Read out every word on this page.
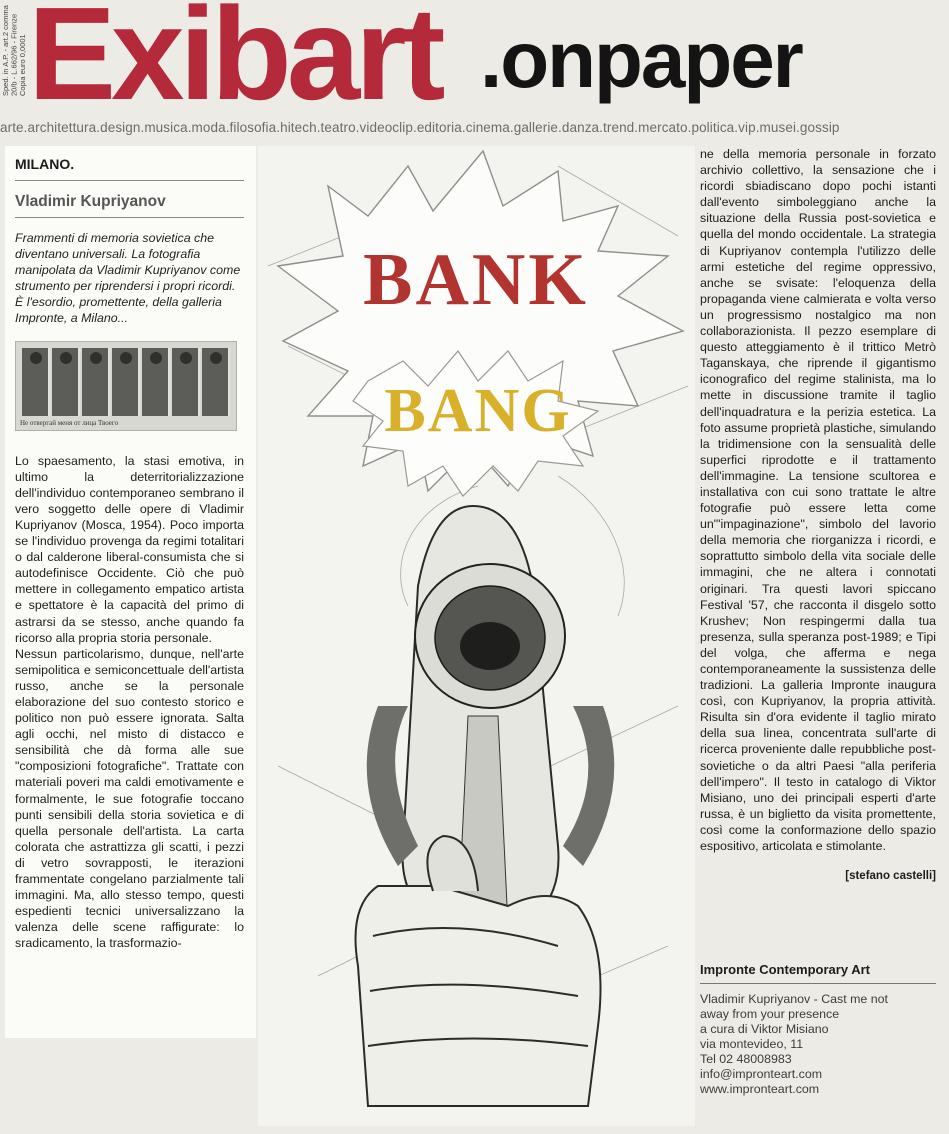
Sped. in A.P. - art.2 comma 20/b - L.662/96 - Firenze Copia euro 0,0001 Exibart .onpaper
arte.architettura.design.musica.moda.filosofia.hitech.teatro.videoclip.editoria.cinema.gallerie.danza.trend.mercato.politica.vip.musei.gossip
MILANO.
Vladimir Kupriyanov
Frammenti di memoria sovietica che diventano universali. La fotografia manipolata da Vladimir Kupriyanov come strumento per riprendersi i propri ricordi. È l'esordio, promettente, della galleria Impronte, a Milano...
Не отвергай меня от лица Твоего

Lo spaesamento, la stasi emotiva, in ultimo la deterritorializzazione dell'individuo contemporaneo sembrano il vero soggetto delle opere di Vladimir Kupriyanov (Mosca, 1954). Poco importa se l'individuo provenga da regimi totalitari o dal calderone liberal-consumista che si autodefinisce Occidente. Ciò che può mettere in collegamento empatico artista e spettatore è la capacità del primo di astrarsi da se stesso, anche quando fa ricorso alla propria storia personale.

Nessun particolarismo, dunque, nell'arte semipolitica e semiconcettuale dell'artista russo, anche se la personale elaborazione del suo contesto storico e politico non può essere ignorata. Salta agli occhi, nel misto di distacco e sensibilità che dà forma alle sue "composizioni fotografiche". Trattate con materiali poveri ma caldi emotivamente e formalmente, le sue fotografie toccano punti sensibili della storia sovietica e di quella personale dell'artista. La carta colorata che astrattizza gli scatti, i pezzi di vetro sovrapposti, le iterazioni frammentate congelano parzialmente tali immagini. Ma, allo stesso tempo, questi espedienti tecnici universalizzano la valenza delle scene raffigurate: lo sradicamento, la trasformazio-

BANK
BANG
ne della memoria personale in forzato archivio collettivo, la sensazione che i ricordi sbiadiscano dopo pochi istanti dall'evento simboleggiano anche la situazione della Russia post-sovietica e quella del mondo occidentale. La strategia di Kupriyanov contempla l'utilizzo delle armi estetiche del regime oppressivo, anche se svisate: l'eloquenza della propaganda viene calmierata e volta verso un progressismo nostalgico ma non collaborazionista. Il pezzo esemplare di questo atteggiamento è il trittico Metrò Taganskaya, che riprende il gigantismo iconografico del regime stalinista, ma lo mette in discussione tramite il taglio dell'inquadratura e la perizia estetica. La foto assume proprietà plastiche, simulando la tridimensione con la sensualità delle superfici riprodotte e il trattamento dell'immagine. La tensione scultorea e installativa con cui sono trattate le altre fotografie può essere letta come un"'impaginazione", simbolo del lavorio della memoria che riorganizza i ricordi, e soprattutto simbolo della vita sociale delle immagini, che ne altera i connotati originari. Tra questi lavori spiccano Festival '57, che racconta il disgelo sotto Krushev; Non respingermi dalla tua presenza, sulla speranza post-1989; e Tipi del volga, che afferma e nega contemporaneamente la sussistenza delle tradizioni. La galleria Impronte inaugura così, con Kupriyanov, la propria attività. Risulta sin d'ora evidente il taglio mirato della sua linea, concentrata sull'arte di ricerca proveniente dalle repubbliche post-sovietiche o da altri Paesi "alla periferia dell'impero". Il testo in catalogo di Viktor Misiano, uno dei principali esperti d'arte russa, è un biglietto da visita promettente, così come la conformazione dello spazio espositivo, articolata e stimolante.
[stefano castelli]
Impronte Contemporary Art
Vladimir Kupriyanov - Cast me not
away from your presence
a cura di Viktor Misiano
via montevideo, 11
Tel 02 48008983
info@impronteart.com
www.impronteart.com
